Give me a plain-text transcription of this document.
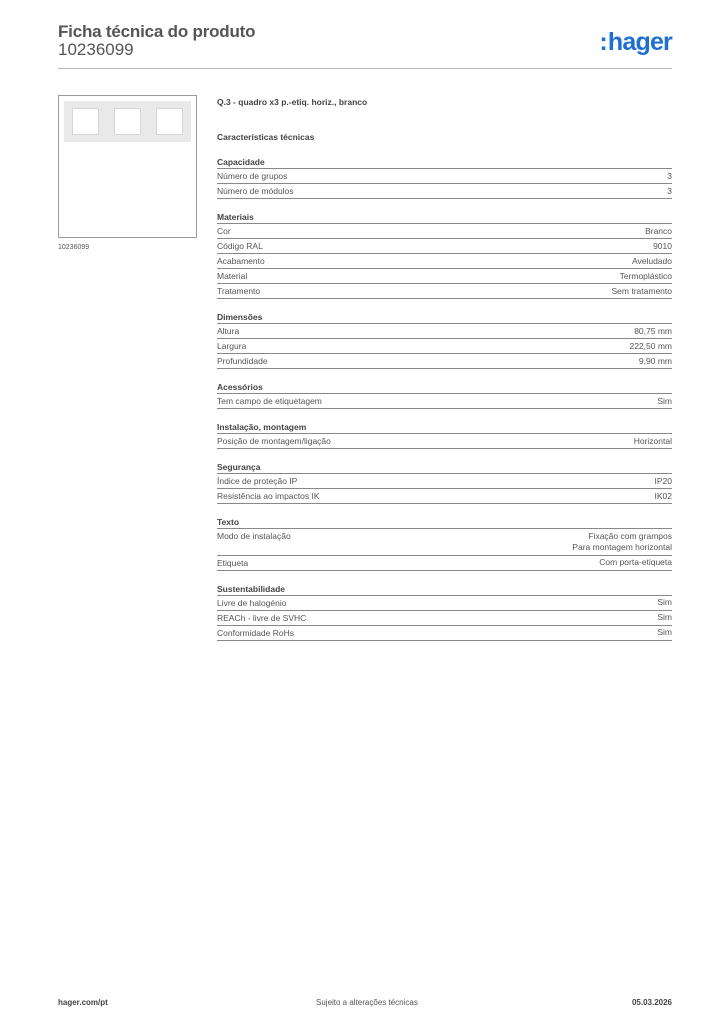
Ficha técnica do produto
10236099	:hager
10236099
Q.3 - quadro x3 p.-etiq. horiz., branco
Características técnicas
Capacidade
Número de grupos	3
Número de módulos	3
Materiais
Cor	Branco
Código RAL	9010
Acabamento	Aveludado
Material	Termoplástico
Tratamento	Sem tratamento
Dimensões
Altura	80,75 mm
Largura	222,50 mm
Profundidade	9,90 mm
Acessórios
Tem campo de etiquetagem	Sim
Instalação, montagem
Posição de montagem/ligação	Horizontal
Segurança
Índice de proteção IP	IP20
Resistência ao impactos IK	IK02
Texto
Modo de instalação	Fixação com grampos
Para montagem horizontal
Etiqueta	Com porta-etiqueta
Sustentabilidade
Livre de halogénio	Sim
REACh - livre de SVHC	Sim
Conformidade RoHs	Sim
hager.com/pt	Sujeito a alterações técnicas	05.03.2026
